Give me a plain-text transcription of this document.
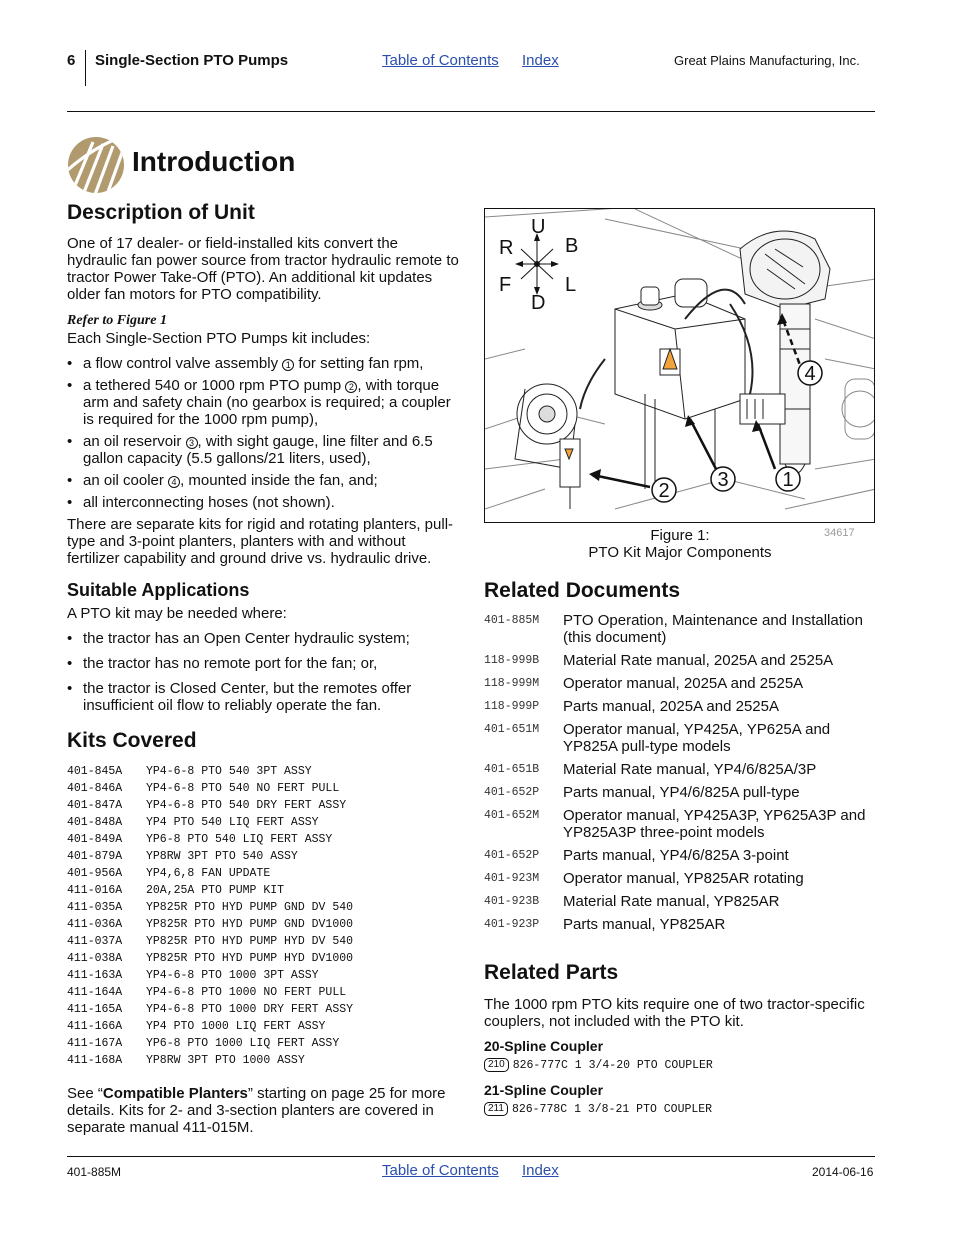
6 Single-Section PTO Pumps	Table of Contents Index	Great Plains Manufacturing, Inc.
Introduction
Description of Unit
One of 17 dealer- or field-installed kits convert the hydraulic fan power source from tractor hydraulic remote to tractor Power Take-Off (PTO). An additional kit updates older fan motors for PTO compatibility.
Refer to Figure 1
Each Single-Section PTO Pumps kit includes:
• a flow control valve assembly 1 for setting fan rpm,
• a tethered 540 or 1000 rpm PTO pump 2 , with torque arm and safety chain (no gearbox is required; a coupler is required for the 1000 rpm pump),
• an oil reservoir 3 , with sight gauge, line filter and 6.5 gallon capacity (5.5 gallons/21 liters, used),
• an oil cooler 4 , mounted inside the fan, and;
• all interconnecting hoses (not shown).
There are separate kits for rigid and rotating planters, pull-type and 3-point planters, planters with and without fertilizer capability and ground drive vs. hydraulic drive.
Suitable Applications
A PTO kit may be needed where:
• the tractor has an Open Center hydraulic system;
• the tractor has no remote port for the fan; or,
• the tractor is Closed Center, but the remotes offer insufficient oil flow to reliably operate the fan.
Kits Covered
401-845A	YP4-6-8 PTO 540 3PT ASSY
401-846A	YP4-6-8 PTO 540 NO FERT PULL
401-847A	YP4-6-8 PTO 540 DRY FERT ASSY
401-848A	YP4 PTO 540 LIQ FERT ASSY
401-849A	YP6-8 PTO 540 LIQ FERT ASSY
401-879A	YP8RW 3PT PTO 540 ASSY
401-956A	YP4,6,8 FAN UPDATE
411-016A	20A,25A PTO PUMP KIT
411-035A	YP825R PTO HYD PUMP GND DV 540
411-036A	YP825R PTO HYD PUMP GND DV1000
411-037A	YP825R PTO HYD PUMP HYD DV 540
411-038A	YP825R PTO HYD PUMP HYD DV1000
411-163A	YP4-6-8 PTO 1000 3PT ASSY
411-164A	YP4-6-8 PTO 1000 NO FERT PULL
411-165A	YP4-6-8 PTO 1000 DRY FERT ASSY
411-166A	YP4 PTO 1000 LIQ FERT ASSY
411-167A	YP6-8 PTO 1000 LIQ FERT ASSY
411-168A	YP8RW 3PT PTO 1000 ASSY
See “Compatible Planters” starting on page 25 for more details. Kits for 2- and 3-section planters are covered in separate manual 411-015M.
U
R	B
F	L
D
4
1
3
2
Figure 1:
PTO Kit Major Components
34617
Related Documents
401-885M	PTO Operation, Maintenance and Installation (this document)
118-999B	Material Rate manual, 2025A and 2525A
118-999M	Operator manual, 2025A and 2525A
118-999P	Parts manual, 2025A and 2525A
401-651M	Operator manual, YP425A, YP625A and YP825A pull-type models
401-651B	Material Rate manual, YP4/6/825A/3P
401-652P	Parts manual, YP4/6/825A pull-type
401-652M	Operator manual, YP425A3P, YP625A3P and YP825A3P three-point models
401-652P	Parts manual, YP4/6/825A 3-point
401-923M	Operator manual, YP825AR rotating
401-923B	Material Rate manual, YP825AR
401-923P	Parts manual, YP825AR
Related Parts
The 1000 rpm PTO kits require one of two tractor-specific couplers, not included with the PTO kit.
20-Spline Coupler
210 826-777C 1 3/4-20 PTO COUPLER
21-Spline Coupler
211 826-778C 1 3/8-21 PTO COUPLER
401-885M	Table of Contents Index	2014-06-16
